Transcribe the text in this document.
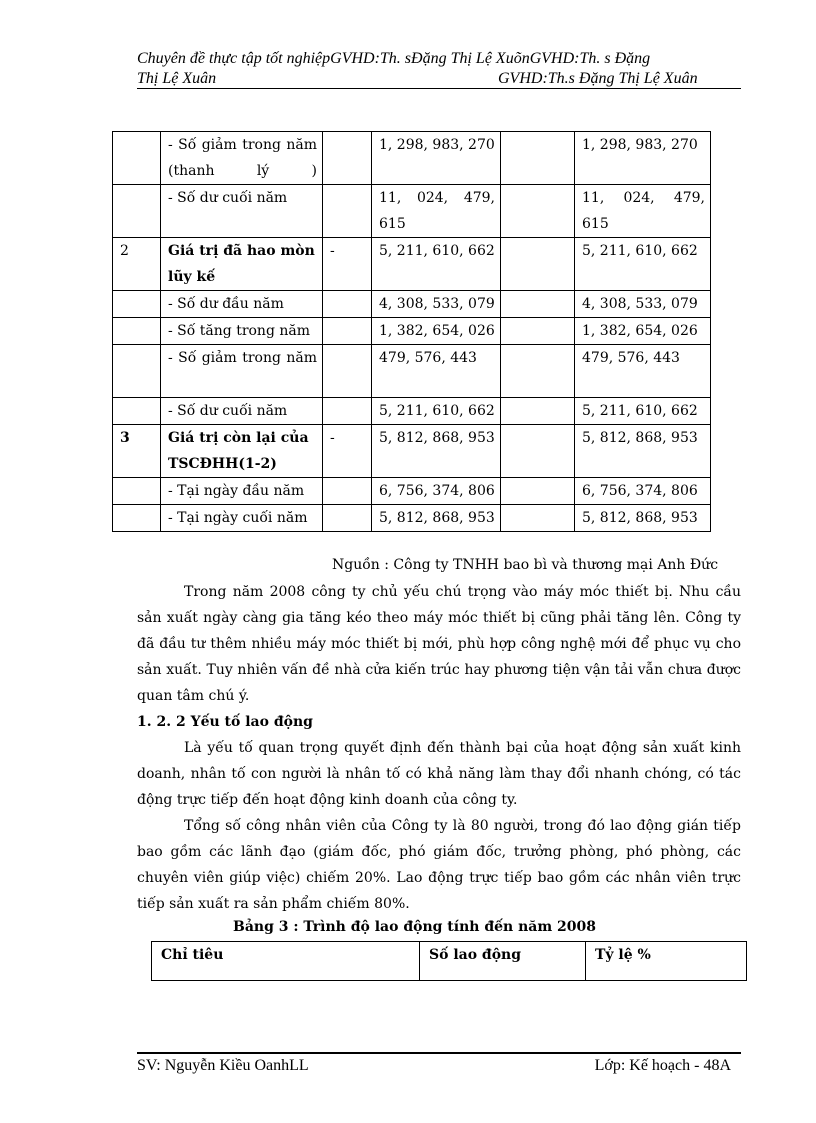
Chuyên đề thực tập tốt nghiệpGVHD:Th. sĐặng Thị Lệ XuõnGVHD:Th. s Đặng
Thị Lệ Xuân	GVHD:Th.s Đặng Thị Lệ Xuân
	- Số giảm trong năm (thanh lý )		1, 298, 983, 270		1, 298, 983, 270
	- Số dư cuối năm		11, 024, 479, 615		11, 024, 479, 615
2	Giá trị đã hao mòn lũy kế	-	5, 211, 610, 662		5, 211, 610, 662
	- Số dư đầu năm		4, 308, 533, 079		4, 308, 533, 079
	- Số tăng trong năm		1, 382, 654, 026		1, 382, 654, 026
	- Số giảm trong năm		479, 576, 443		479, 576, 443
	- Số dư cuối năm		5, 211, 610, 662		5, 211, 610, 662
3	Giá trị còn lại của TSCĐHH(1-2)	-	5, 812, 868, 953		5, 812, 868, 953
	- Tại ngày đầu năm		6, 756, 374, 806		6, 756, 374, 806
	- Tại ngày cuối năm		5, 812, 868, 953		5, 812, 868, 953
Nguồn : Công ty TNHH bao bì và thương mại Anh Đức
Trong năm 2008 công ty chủ yếu chú trọng vào máy móc thiết bị. Nhu cầu sản xuất ngày càng gia tăng kéo theo máy móc thiết bị cũng phải tăng lên. Công ty đã đầu tư thêm nhiều máy móc thiết bị mới, phù hợp công nghệ mới để phục vụ cho sản xuất. Tuy nhiên vấn đề nhà cửa kiến trúc hay phương tiện vận tải vẫn chưa được quan tâm chú ý.
1. 2. 2 Yếu tố lao động
Là yếu tố quan trọng quyết định đến thành bại của hoạt động sản xuất kinh doanh, nhân tố con người là nhân tố có khả năng làm thay đổi nhanh chóng, có tác động trực tiếp đến hoạt động kinh doanh của công ty.
Tổng số công nhân viên của Công ty là 80 người, trong đó lao động gián tiếp bao gồm các lãnh đạo (giám đốc, phó giám đốc, trưởng phòng, phó phòng, các chuyên viên giúp việc) chiếm 20%. Lao động trực tiếp bao gồm các nhân viên trực tiếp sản xuất ra sản phẩm chiếm 80%.
Bảng 3 : Trình độ lao động tính đến năm 2008
Chỉ tiêu	Số lao động	Tỷ lệ %
SV: Nguyễn Kiều OanhLL	Lớp: Kế hoạch - 48A
